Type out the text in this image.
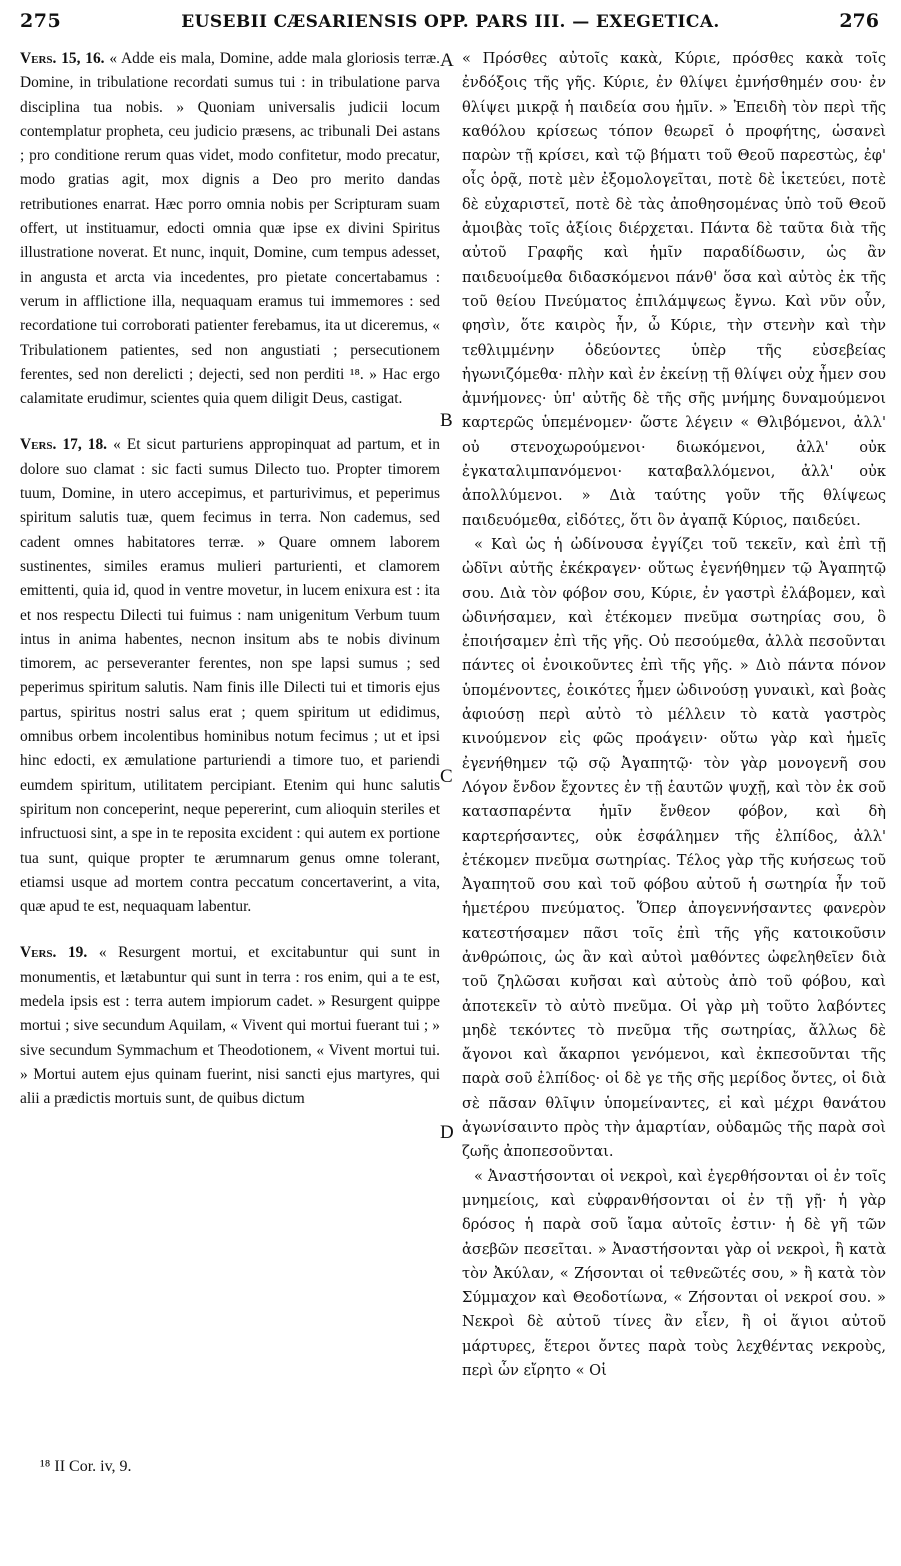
275	EUSEBII CÆSARIENSIS OPP. PARS III. — EXEGETICA.	276

Vers. 15, 16. « Adde eis mala, Domine, adde mala gloriosis terræ. Domine, in tribulatione recordati sumus tui : in tribulatione parva disciplina tua nobis. » Quoniam universalis judicii locum contemplatur propheta, ceu judicio præsens, ac tribunali Dei astans ; pro conditione rerum quas videt, modo confitetur, modo precatur, modo gratias agit, mox dignis a Deo pro merito dandas retributiones enarrat. Hæc porro omnia nobis per Scripturam suam offert, ut instituamur, edocti omnia quæ ipse ex divini Spiritus illustratione noverat. Et nunc, inquit, Domine, cum tempus adesset, in angusta et arcta via incedentes, pro pietate concertabamus : verum in afflictione illa, nequaquam eramus tui immemores : sed recordatione tui corroborati patienter ferebamus, ita ut diceremus, « Tribulationem patientes, sed non angustiati ; persecutionem ferentes, sed non derelicti ; dejecti, sed non perditi ¹⁸. » Hac ergo calamitate erudimur, scientes quia quem diligit Deus, castigat.

Vers. 17, 18. « Et sicut parturiens appropinquat ad partum, et in dolore suo clamat : sic facti sumus Dilecto tuo. Propter timorem tuum, Domine, in utero accepimus, et parturivimus, et peperimus spiritum salutis tuæ, quem fecimus in terra. Non cademus, sed cadent omnes habitatores terræ. » Quare omnem laborem sustinentes, similes eramus mulieri parturienti, et clamorem emittenti, quia id, quod in ventre movetur, in lucem enixura est : ita et nos respectu Dilecti tui fuimus : nam unigenitum Verbum tuum intus in anima habentes, necnon insitum abs te nobis divinum timorem, ac perseveranter ferentes, non spe lapsi sumus ; sed peperimus spiritum salutis. Nam finis ille Dilecti tui et timoris ejus partus, spiritus nostri salus erat ; quem spiritum ut edidimus, omnibus orbem incolentibus hominibus notum fecimus ; ut et ipsi hinc edocti, ex æmulatione parturiendi a timore tuo, et pariendi eumdem spiritum, utilitatem percipiant. Etenim qui hunc salutis spiritum non conceperint, neque pepererint, cum alioquin steriles et infructuosi sint, a spe in te reposita excident : qui autem ex portione tua sunt, quique propter te ærumnarum genus omne tolerant, etiamsi usque ad mortem contra peccatum concertaverint, a vita, quæ apud te est, nequaquam labentur.

Vers. 19. « Resurgent mortui, et excitabuntur qui sunt in monumentis, et lætabuntur qui sunt in terra : ros enim, qui a te est, medela ipsis est : terra autem impiorum cadet. » Resurgent quippe mortui ; sive secundum Aquilam, « Vivent qui mortui fuerant tui ; » sive secundum Symmachum et Theodotionem, « Vivent mortui tui. » Mortui autem ejus quinam fuerint, nisi sancti ejus martyres, qui alii a prædictis mortuis sunt, de quibus dictum

A
B
C
D

« Πρόσθες αὐτοῖς κακὰ, Κύριε, πρόσθες κακὰ τοῖς ἐνδόξοις τῆς γῆς. Κύριε, ἐν θλίψει ἐμνήσθημέν σου· ἐν θλίψει μικρᾷ ἡ παιδεία σου ἡμῖν. » Ἐπειδὴ τὸν περὶ τῆς καθόλου κρίσεως τόπον θεωρεῖ ὁ προφήτης, ὡσανεὶ παρὼν τῇ κρίσει, καὶ τῷ βήματι τοῦ Θεοῦ παρεστὼς, ἐφ' οἷς ὁρᾷ, ποτὲ μὲν ἐξομολογεῖται, ποτὲ δὲ ἱκετεύει, ποτὲ δὲ εὐχαριστεῖ, ποτὲ δὲ τὰς ἀποθησομένας ὑπὸ τοῦ Θεοῦ ἀμοιβὰς τοῖς ἀξίοις διέρχεται. Πάντα δὲ ταῦτα διὰ τῆς αὐτοῦ Γραφῆς καὶ ἡμῖν παραδίδωσιν, ὡς ἂν παιδευοίμεθα διδασκόμενοι πάνθ' ὅσα καὶ αὐτὸς ἐκ τῆς τοῦ θείου Πνεύματος ἐπιλάμψεως ἔγνω. Καὶ νῦν οὖν, φησὶν, ὅτε καιρὸς ἦν, ὦ Κύριε, τὴν στενὴν καὶ τὴν τεθλιμμένην ὁδεύοντες ὑπὲρ τῆς εὐσεβείας ἠγωνιζόμεθα· πλὴν καὶ ἐν ἐκείνῃ τῇ θλίψει οὐχ ἦμεν σου ἀμνήμονες· ὑπ' αὐτῆς δὲ τῆς σῆς μνήμης δυναμούμενοι καρτερῶς ὑπεμένομεν· ὥστε λέγειν « Θλιβόμενοι, ἀλλ' οὐ στενοχωρούμενοι· διωκόμενοι, ἀλλ' οὐκ ἐγκαταλιμπανόμενοι· καταβαλλόμενοι, ἀλλ' οὐκ ἀπολλύμενοι. » Διὰ ταύτης γοῦν τῆς θλίψεως παιδευόμεθα, εἰδότες, ὅτι ὃν ἀγαπᾷ Κύριος, παιδεύει.

« Καὶ ὡς ἡ ὠδίνουσα ἐγγίζει τοῦ τεκεῖν, καὶ ἐπὶ τῇ ὠδῖνι αὐτῆς ἐκέκραγεν· οὕτως ἐγενήθημεν τῷ Ἀγαπητῷ σου. Διὰ τὸν φόβον σου, Κύριε, ἐν γαστρὶ ἐλάβομεν, καὶ ὠδινήσαμεν, καὶ ἐτέκομεν πνεῦμα σωτηρίας σου, ὃ ἐποιήσαμεν ἐπὶ τῆς γῆς. Οὐ πεσούμεθα, ἀλλὰ πεσοῦνται πάντες οἱ ἐνοικοῦντες ἐπὶ τῆς γῆς. » Διὸ πάντα πόνον ὑπομένοντες, ἐοικότες ἦμεν ὠδινούσῃ γυναικὶ, καὶ βοὰς ἀφιούσῃ περὶ αὐτὸ τὸ μέλλειν τὸ κατὰ γαστρὸς κινούμενον εἰς φῶς προάγειν· οὕτω γὰρ καὶ ἡμεῖς ἐγενήθημεν τῷ σῷ Ἀγαπητῷ· τὸν γὰρ μονογενῆ σου Λόγον ἔνδον ἔχοντες ἐν τῇ ἑαυτῶν ψυχῇ, καὶ τὸν ἐκ σοῦ κατασπαρέντα ἡμῖν ἔνθεον φόβον, καὶ δὴ καρτερήσαντες, οὐκ ἐσφάλημεν τῆς ἐλπίδος, ἀλλ' ἐτέκομεν πνεῦμα σωτηρίας. Τέλος γὰρ τῆς κυήσεως τοῦ Ἀγαπητοῦ σου καὶ τοῦ φόβου αὐτοῦ ἡ σωτηρία ἦν τοῦ ἡμετέρου πνεύματος. Ὅπερ ἀπογεννήσαντες φανερὸν κατεστήσαμεν πᾶσι τοῖς ἐπὶ τῆς γῆς κατοικοῦσιν ἀνθρώποις, ὡς ἂν καὶ αὐτοὶ μαθόντες ὠφεληθεῖεν διὰ τοῦ ζηλῶσαι κυῆσαι καὶ αὐτοὺς ἀπὸ τοῦ φόβου, καὶ ἀποτεκεῖν τὸ αὐτὸ πνεῦμα. Οἱ γὰρ μὴ τοῦτο λαβόντες μηδὲ τεκόντες τὸ πνεῦμα τῆς σωτηρίας, ἄλλως δὲ ἄγονοι καὶ ἄκαρποι γενόμενοι, καὶ ἐκπεσοῦνται τῆς παρὰ σοῦ ἐλπίδος· οἱ δὲ γε τῆς σῆς μερίδος ὄντες, οἱ διὰ σὲ πᾶσαν θλῖψιν ὑπομείναντες, εἰ καὶ μέχρι θανάτου ἀγωνίσαιντο πρὸς τὴν ἁμαρτίαν, οὐδαμῶς τῆς παρὰ σοὶ ζωῆς ἀποπεσοῦνται.

« Ἀναστήσονται οἱ νεκροὶ, καὶ ἐγερθήσονται οἱ ἐν τοῖς μνημείοις, καὶ εὐφρανθήσονται οἱ ἐν τῇ γῇ· ἡ γὰρ δρόσος ἡ παρὰ σοῦ ἴαμα αὐτοῖς ἐστιν· ἡ δὲ γῆ τῶν ἀσεβῶν πεσεῖται. » Ἀναστήσονται γὰρ οἱ νεκροὶ, ἢ κατὰ τὸν Ἀκύλαν, « Ζήσονται οἱ τεθνεῶτές σου, » ἢ κατὰ τὸν Σύμμαχον καὶ Θεοδοτίωνα, « Ζήσονται οἱ νεκροί σου. » Νεκροὶ δὲ αὐτοῦ τίνες ἂν εἶεν, ἢ οἱ ἅγιοι αὐτοῦ μάρτυρες, ἕτεροι ὄντες παρὰ τοὺς λεχθέντας νεκροὺς, περὶ ὧν εἴρητο « Οἱ

¹⁸ II Cor. iv, 9.
